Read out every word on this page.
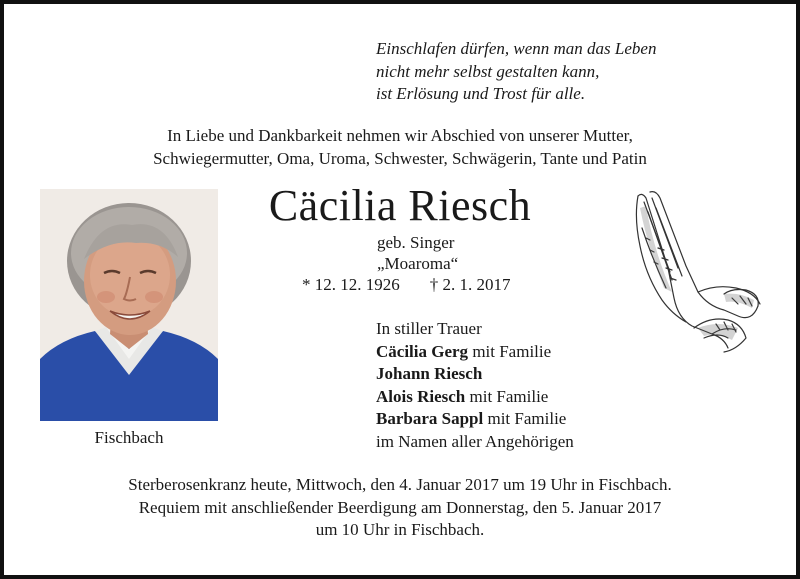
Einschlafen dürfen, wenn man das Leben
nicht mehr selbst gestalten kann,
ist Erlösung und Trost für alle.
In Liebe und Dankbarkeit nehmen wir Abschied von unserer Mutter,
Schwiegermutter, Oma, Uroma, Schwester, Schwägerin, Tante und Patin
Fischbach
Cäcilia Riesch
geb. Singer
„Moaroma“
* 12. 12. 1926 † 2. 1. 2017
In stiller Trauer
Cäcilia Gerg mit Familie
Johann Riesch
Alois Riesch mit Familie
Barbara Sappl mit Familie
im Namen aller Angehörigen
Sterberosenkranz heute, Mittwoch, den 4. Januar 2017 um 19 Uhr in Fischbach.
Requiem mit anschließender Beerdigung am Donnerstag, den 5. Januar 2017
um 10 Uhr in Fischbach.
